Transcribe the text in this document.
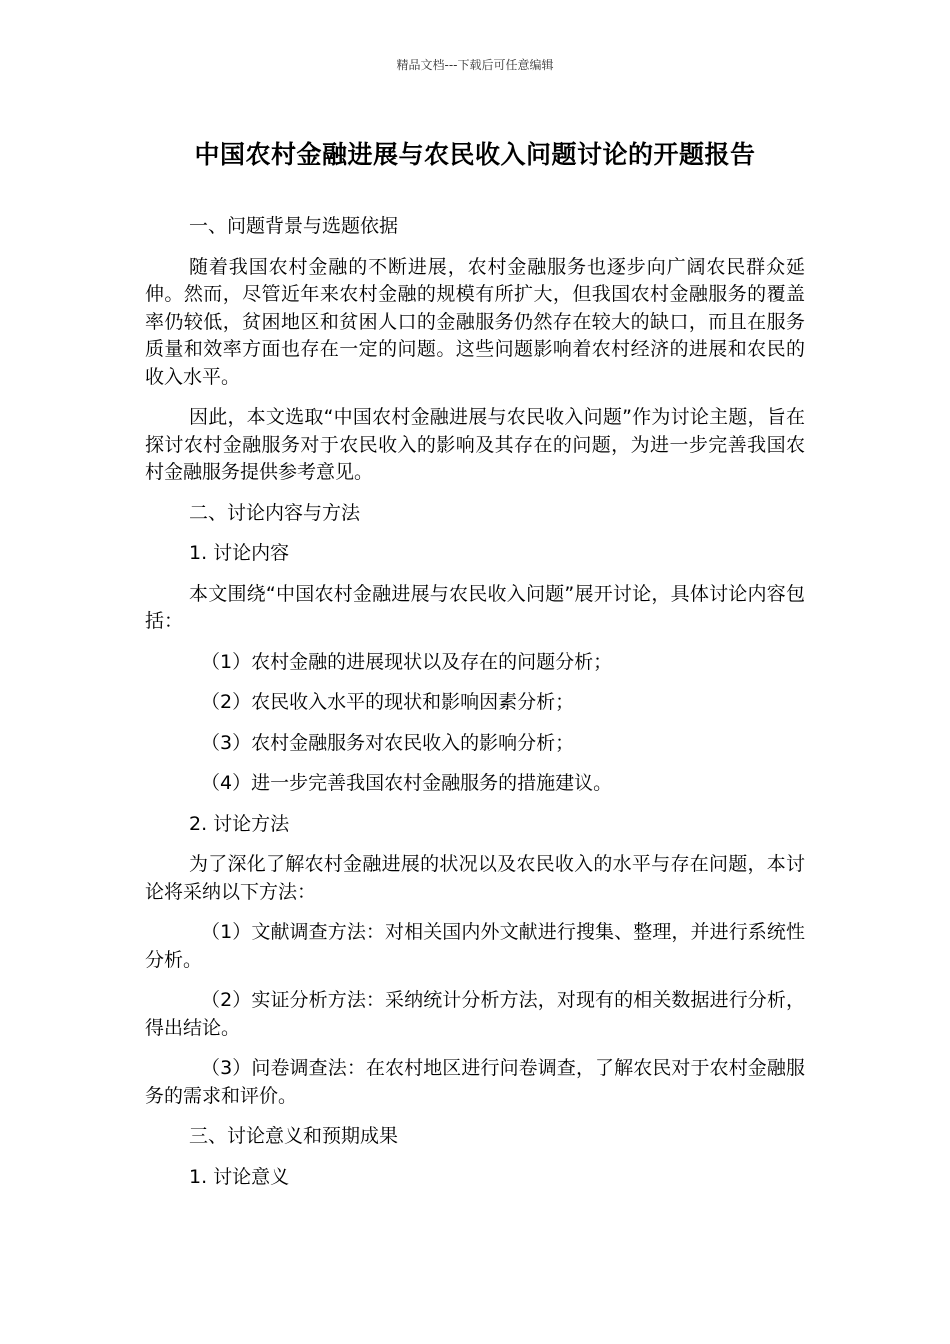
精品文档---下载后可任意编辑
中国农村金融进展与农民收入问题讨论的开题报告

一、问题背景与选题依据

随着我国农村金融的不断进展，农村金融服务也逐步向广阔农民群众延伸。然而，尽管近年来农村金融的规模有所扩大，但我国农村金融服务的覆盖率仍较低，贫困地区和贫困人口的金融服务仍然存在较大的缺口，而且在服务质量和效率方面也存在一定的问题。这些问题影响着农村经济的进展和农民的收入水平。

因此，本文选取“中国农村金融进展与农民收入问题”作为讨论主题，旨在探讨农村金融服务对于农民收入的影响及其存在的问题，为进一步完善我国农村金融服务提供参考意见。

二、讨论内容与方法

1. 讨论内容

本文围绕“中国农村金融进展与农民收入问题”展开讨论，具体讨论内容包括：

（1）农村金融的进展现状以及存在的问题分析；

（2）农民收入水平的现状和影响因素分析；

（3）农村金融服务对农民收入的影响分析；

（4）进一步完善我国农村金融服务的措施建议。

2. 讨论方法

为了深化了解农村金融进展的状况以及农民收入的水平与存在问题，本讨论将采纳以下方法：

（1）文献调查方法：对相关国内外文献进行搜集、整理，并进行系统性分析。

（2）实证分析方法：采纳统计分析方法，对现有的相关数据进行分析，得出结论。

（3）问卷调查法：在农村地区进行问卷调查，了解农民对于农村金融服务的需求和评价。

三、讨论意义和预期成果

1. 讨论意义
